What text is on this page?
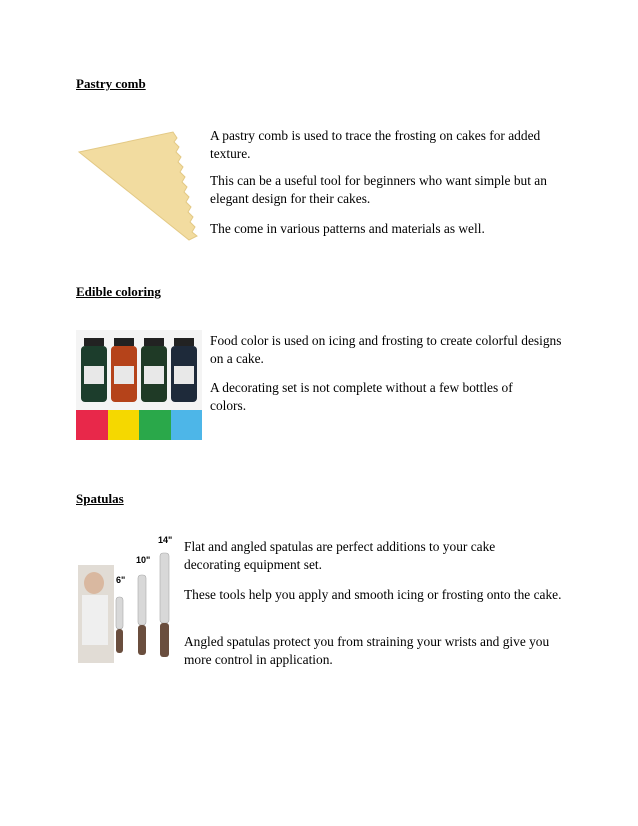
Pastry comb

A pastry comb is used to trace the frosting on cakes for added texture.

This can be a useful tool for beginners who want simple but an elegant design for their cakes.

The come in various patterns and materials as well.

Edible coloring

Food color is used on icing and frosting to create colorful designs on a cake.

A decorating set is not complete without a few bottles of colors.

Spatulas
14"
10"
6"

Flat and angled spatulas are perfect additions to your cake decorating equipment set.

These tools help you apply and smooth icing or frosting onto the cake.

Angled spatulas protect you from straining your wrists and give you more control in application.
